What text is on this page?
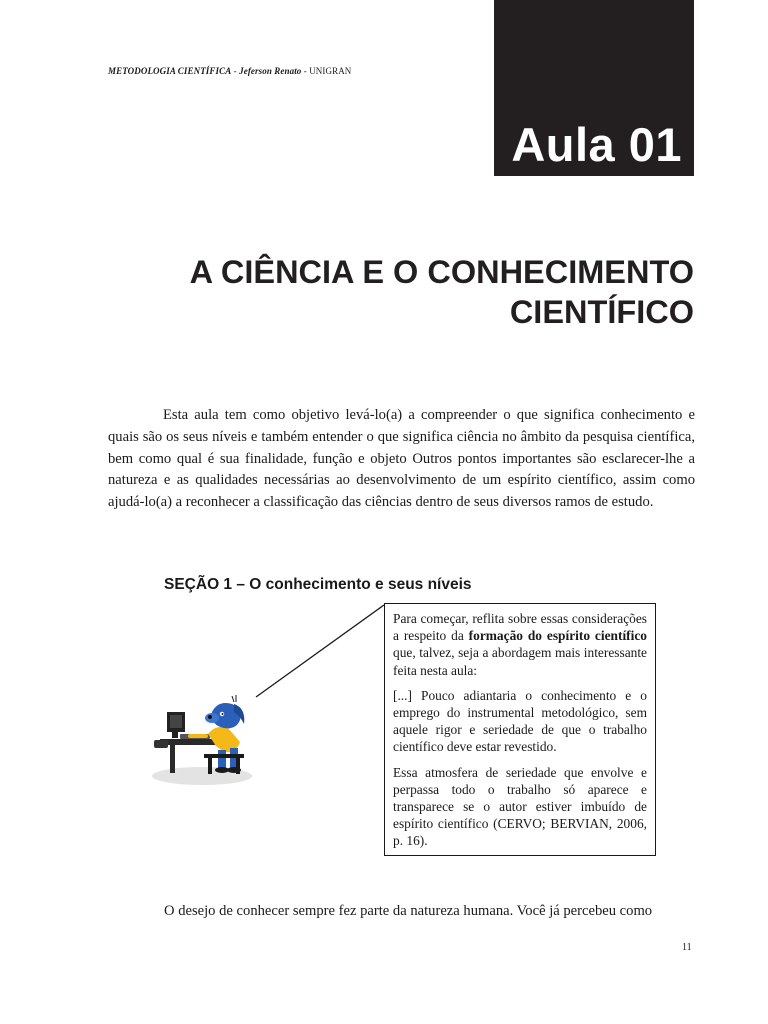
METODOLOGIA CIENTÍFICA - Jeferson Renato - UNIGRAN
Aula 01
A CIÊNCIA E O CONHECIMENTO
CIENTÍFICO

Esta aula tem como objetivo levá-lo(a) a compreender o que significa conhecimento e quais são os seus níveis e também entender o que significa ciência no âmbito da pesquisa científica, bem como qual é sua finalidade, função e objeto Outros pontos importantes são esclarecer-lhe a natureza e as qualidades necessárias ao desenvolvimento de um espírito científico, assim como ajudá-lo(a) a reconhecer a classificação das ciências dentro de seus diversos ramos de estudo.

SEÇÃO 1 – O conhecimento e seus níveis

Para começar, reflita sobre essas considerações a respeito da formação do espírito científico que, talvez, seja a abordagem mais interessante feita nesta aula:

[...] Pouco adiantaria o conhecimento e o emprego do instrumental metodológico, sem aquele rigor e seriedade de que o trabalho científico deve estar revestido.

Essa atmosfera de seriedade que envolve e perpassa todo o trabalho só aparece e transparece se o autor estiver imbuído de espírito científico (CERVO; BERVIAN, 2006, p. 16).

O desejo de conhecer sempre fez parte da natureza humana. Você já percebeu como

11
